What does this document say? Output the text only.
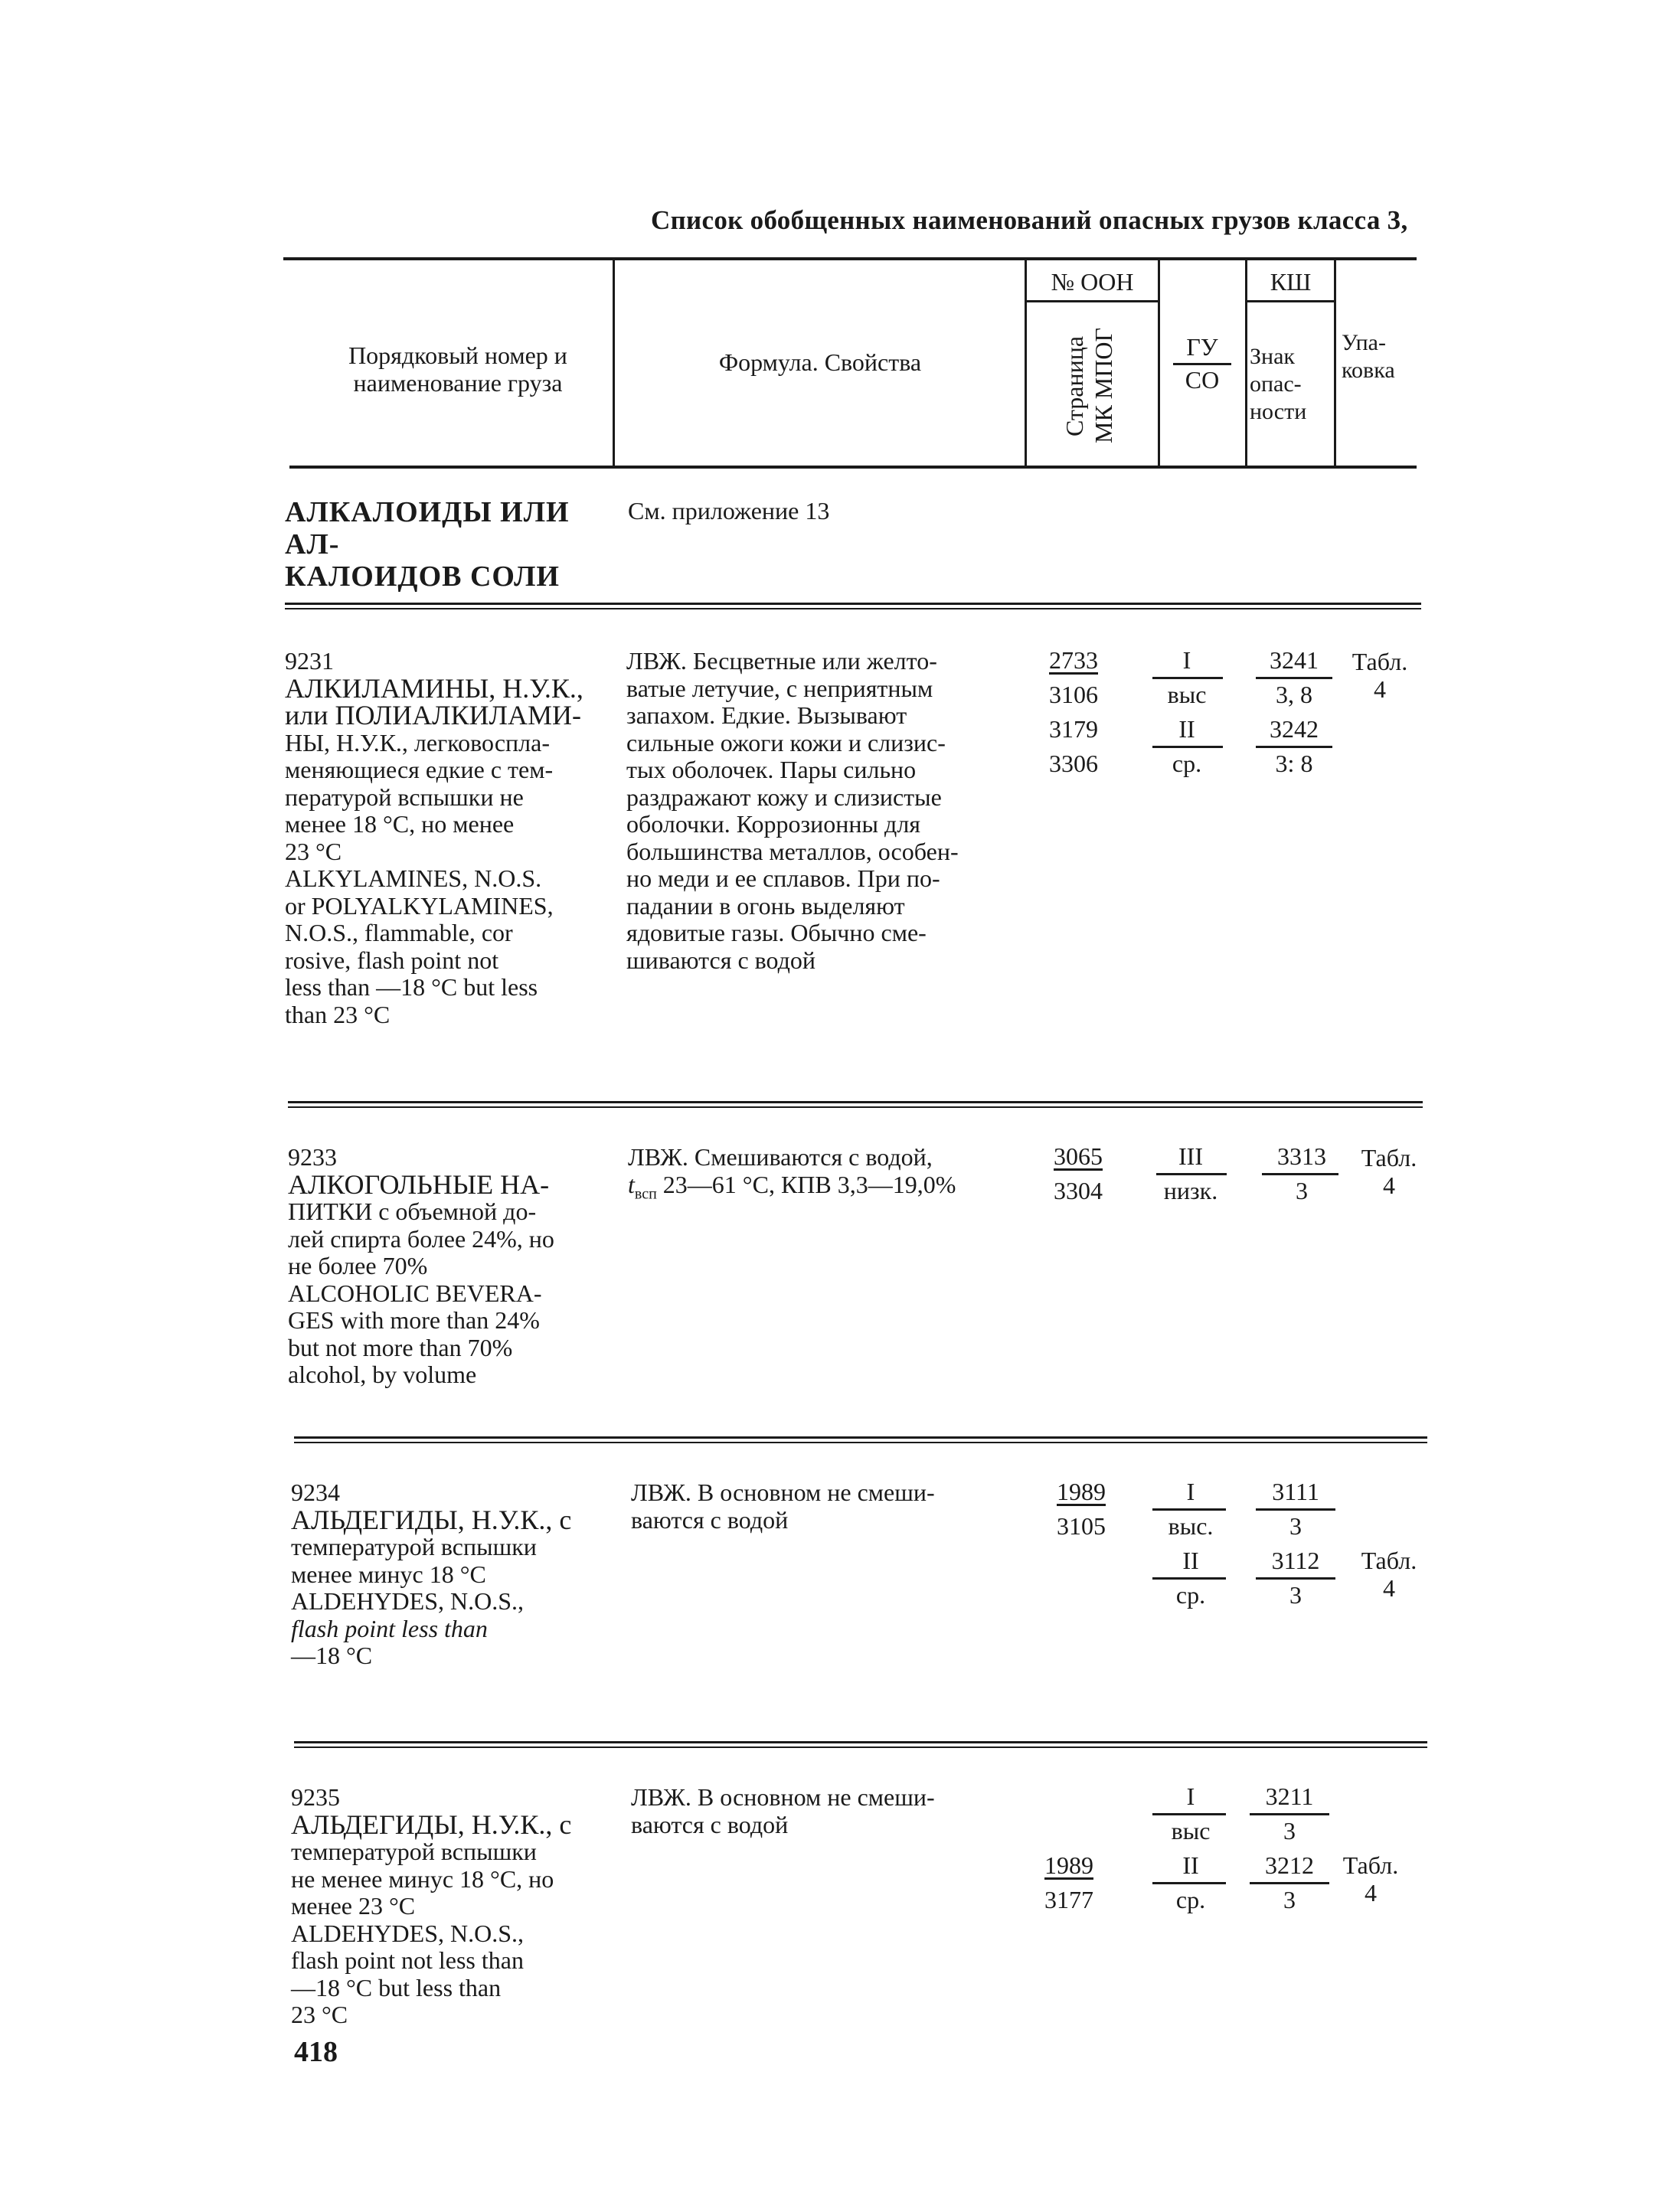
Список обобщенных наименований опасных грузов класса 3,
Порядковый номер и
наименование груза
Формула. Свойства
№ ООН
Страница
МК МПОГ	ГУ
СО
КШ
Знак
опас-
ности
Упа-
ковка
АЛКАЛОИДЫ ИЛИ АЛ-
КАЛОИДОВ СОЛИ
См. приложение 13
9231
АЛКИЛАМИНЫ, Н.У.К.,
или ПОЛИАЛКИЛАМИ-
НЫ, Н.У.К., легковоспла-
меняющиеся едкие с тем-
пературой вспышки не
менее 18 °С, но менее
23 °С
ALKYLAMINES, N.O.S.
or POLYALKYLAMINES,
N.O.S., flammable, cor
rosive, flash point not
less than —18 °C but less
than 23 °С
ЛВЖ. Бесцветные или желто-
ватые летучие, с неприятным
запахом. Едкие. Вызывают
сильные ожоги кожи и слизис-
тых оболочек. Пары сильно
раздражают кожу и слизистые
оболочки. Коррозионны для
большинства металлов, особен-
но меди и ее сплавов. При по-
падании в огонь выделяют
ядовитые газы. Обычно сме-
шиваются с водой
2733
3106
3179
3306
I
выс
II
ср.
3241
3, 8
3242
3: 8
Табл.
4
9233
АЛКОГОЛЬНЫЕ НА-
ПИТКИ с объемной до-
лей спирта более 24%, но
не более 70%
ALCOHOLIC BEVERA-
GES with more than 24%
but not more than 70%
alcohol, by volume
ЛВЖ. Смешиваются с водой,
$t_{всп}$ 23—61 °С, КПВ 3,3—19,0%
3065
3304
III
низк.
3313
3
Табл.
4
9234
АЛЬДЕГИДЫ, Н.У.К., с
температурой вспышки
менее минус 18 °С
ALDEHYDES, N.O.S.,
flash point less than
—18 °С
ЛВЖ. В основном не смеши-
ваются с водой
1989
3105
I
выс.
II
ср.
3111
3
3112
3
Табл.
4
9235
АЛЬДЕГИДЫ, Н.У.К., с
температурой вспышки
не менее минус 18 °С, но
менее 23 °С
ALDEHYDES, N.O.S.,
flash point not less than
—18 °С but less than
23 °С
ЛВЖ. В основном не смеши-
ваются с водой
1989
3177
I
выс
II
ср.
3211
3
3212
3
Табл.
4
418
